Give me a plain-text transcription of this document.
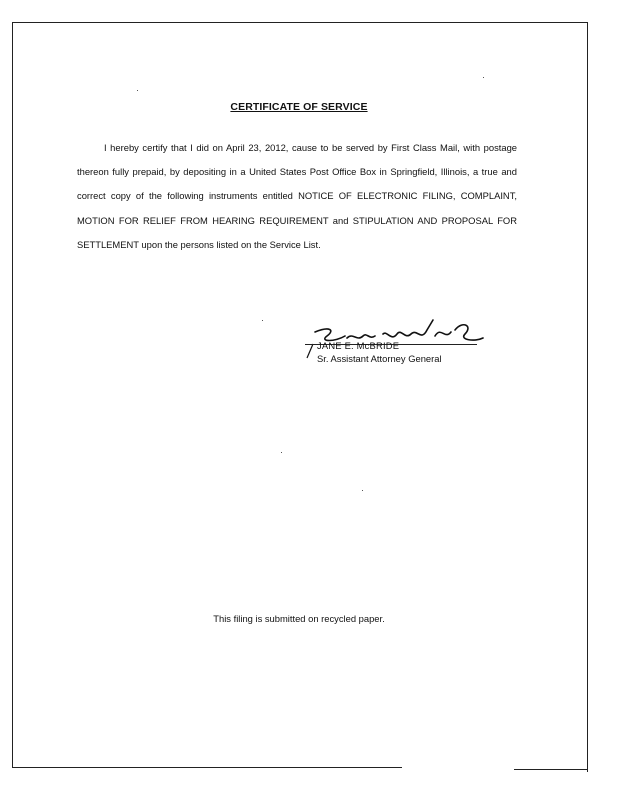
CERTIFICATE OF SERVICE
I hereby certify that I did on April 23, 2012, cause to be served by First Class Mail, with postage thereon fully prepaid, by depositing in a United States Post Office Box in Springfield, Illinois, a true and correct copy of the following instruments entitled NOTICE OF ELECTRONIC FILING, COMPLAINT, MOTION FOR RELIEF FROM HEARING REQUIREMENT and STIPULATION AND PROPOSAL FOR SETTLEMENT upon the persons listed on the Service List.
JANE E. McBRIDE
Sr. Assistant Attorney General
This filing is submitted on recycled paper.
